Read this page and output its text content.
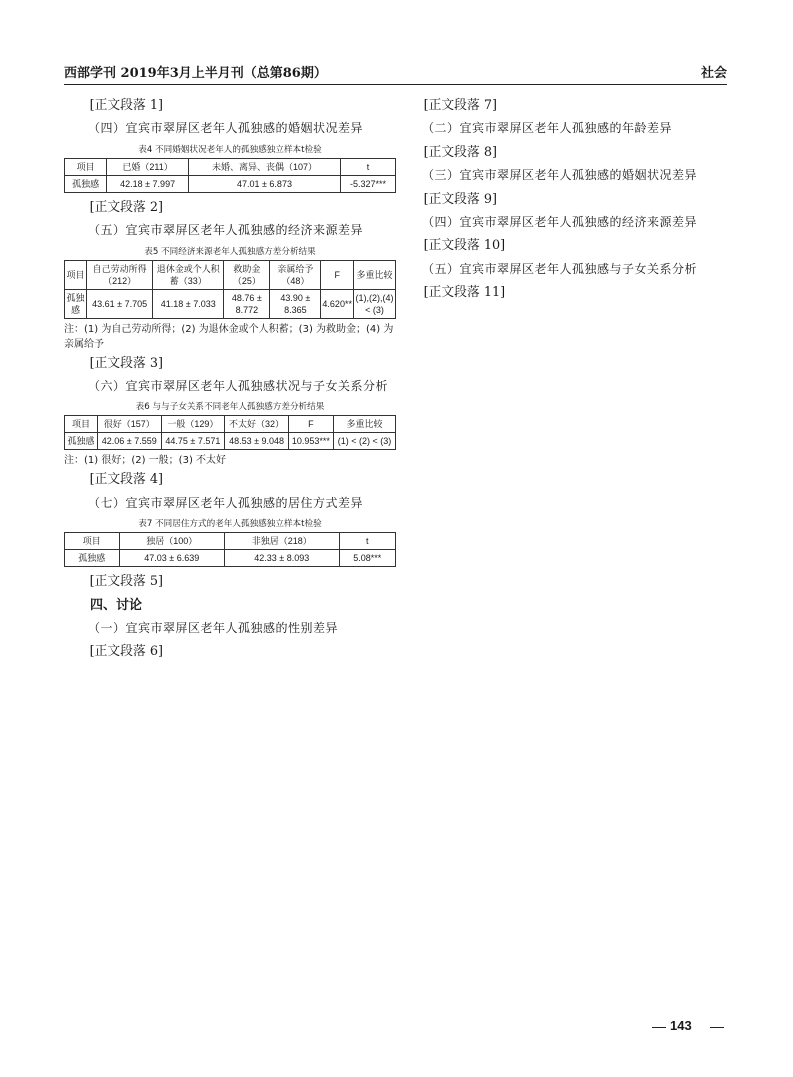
西部学刊 2019年3月上半月刊（总第86期）	社会

[正文段落 1]

（四）宜宾市翠屏区老年人孤独感的婚姻状况差异

表4 不同婚姻状况老年人的孤独感独立样本t检验

项目	已婚（211）	未婚、离异、丧偶（107）	t
孤独感	42.18 ± 7.997	47.01 ± 6.873	-5.327***

[正文段落 2]

（五）宜宾市翠屏区老年人孤独感的经济来源差异

表5 不同经济来源老年人孤独感方差分析结果

项目	自己劳动所得（212）	退休金或个人积蓄（33）	救助金（25）	亲属给予（48）	F	多重比较
孤独感	43.61 ± 7.705	41.18 ± 7.033	48.76 ± 8.772	43.90 ± 8.365	4.620**	(1),(2),(4) < (3)

注：(1) 为自己劳动所得；(2) 为退休金或个人积蓄；(3) 为救助金；(4) 为亲属给予

[正文段落 3]

（六）宜宾市翠屏区老年人孤独感状况与子女关系分析

表6 与与子女关系不同老年人孤独感方差分析结果

项目	很好（157）	一般（129）	不太好（32）	F	多重比较
孤独感	42.06 ± 7.559	44.75 ± 7.571	48.53 ± 9.048	10.953***	(1) < (2) < (3)

注：(1) 很好；(2) 一般；(3) 不太好

[正文段落 4]

（七）宜宾市翠屏区老年人孤独感的居住方式差异

表7 不同居住方式的老年人孤独感独立样本t检验

项目	独居（100）	非独居（218）	t
孤独感	47.03 ± 6.639	42.33 ± 8.093	5.08***

[正文段落 5]

四、讨论

（一）宜宾市翠屏区老年人孤独感的性别差异

[正文段落 6]

[正文段落 7]

（二）宜宾市翠屏区老年人孤独感的年龄差异

[正文段落 8]

（三）宜宾市翠屏区老年人孤独感的婚姻状况差异

[正文段落 9]

（四）宜宾市翠屏区老年人孤独感的经济来源差异

[正文段落 10]

（五）宜宾市翠屏区老年人孤独感与子女关系分析

[正文段落 11]

143
